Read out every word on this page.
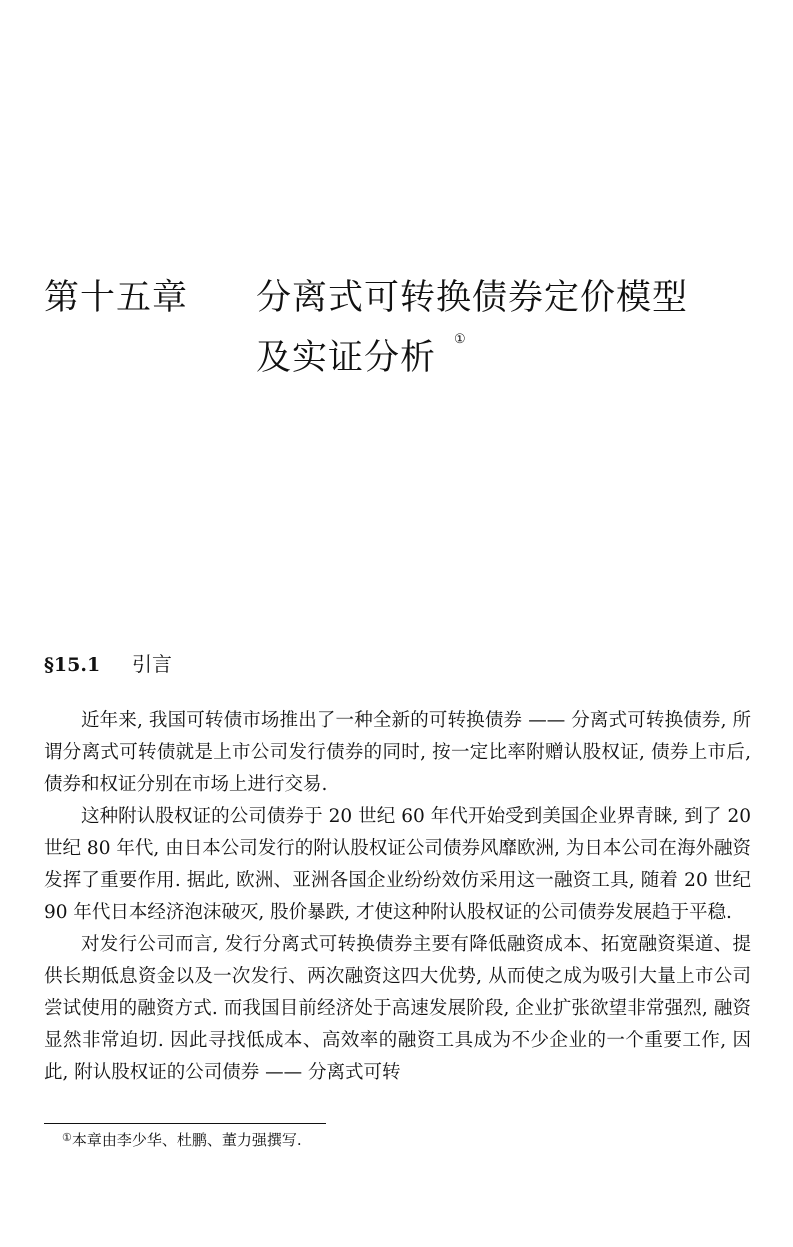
第十五章	分离式可转换债券定价模型
及实证分析 ①
§15.1	引言

近年来, 我国可转债市场推出了一种全新的可转换债券 —— 分离式可转换债券, 所谓分离式可转债就是上市公司发行债券的同时, 按一定比率附赠认股权证, 债券上市后, 债券和权证分别在市场上进行交易.

这种附认股权证的公司债券于 20 世纪 60 年代开始受到美国企业界青睐, 到了 20 世纪 80 年代, 由日本公司发行的附认股权证公司债券风靡欧洲, 为日本公司在海外融资发挥了重要作用. 据此, 欧洲、亚洲各国企业纷纷效仿采用这一融资工具, 随着 20 世纪 90 年代日本经济泡沫破灭, 股价暴跌, 才使这种附认股权证的公司债券发展趋于平稳.

对发行公司而言, 发行分离式可转换债券主要有降低融资成本、拓宽融资渠道、提供长期低息资金以及一次发行、两次融资这四大优势, 从而使之成为吸引大量上市公司尝试使用的融资方式. 而我国目前经济处于高速发展阶段, 企业扩张欲望非常强烈, 融资显然非常迫切. 因此寻找低成本、高效率的融资工具成为不少企业的一个重要工作, 因此, 附认股权证的公司债券 —— 分离式可转

①本章由李少华、杜鹏、董力强撰写.
